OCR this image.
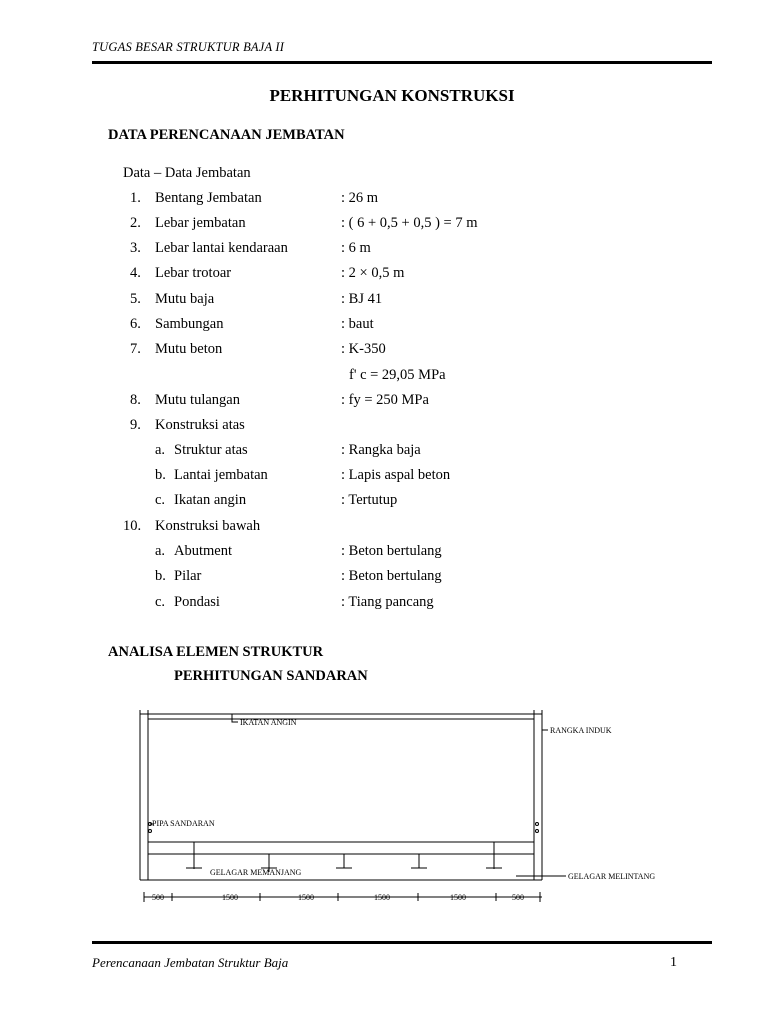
TUGAS BESAR STRUKTUR BAJA II
PERHITUNGAN KONSTRUKSI
DATA PERENCANAAN JEMBATAN
Data – Data Jembatan
1. Bentang Jembatan	: 26 m
2. Lebar jembatan	: ( 6 + 0,5 + 0,5 ) = 7 m
3. Lebar lantai kendaraan	: 6 m
4. Lebar trotoar	: 2 × 0,5 m
5. Mutu baja	: BJ 41
6. Sambungan	: baut
7. Mutu beton	: K-350
f' c = 29,05 MPa
8. Mutu tulangan	: fy = 250 MPa
9. Konstruksi atas
a. Struktur atas	: Rangka baja
b. Lantai jembatan	: Lapis aspal beton
c. Ikatan angin	: Tertutup
10. Konstruksi bawah
a. Abutment	: Beton bertulang
b. Pilar	: Beton bertulang
c. Pondasi	: Tiang pancang
ANALISA ELEMEN STRUKTUR
PERHITUNGAN SANDARAN
IKATAN ANGIN
RANGKA INDUK
PIPA SANDARAN
GELAGAR MEMANJANG	GELAGAR MELINTANG
500	1500	1500	1500	1500	500
Perencanaan Jembatan Struktur Baja	1
